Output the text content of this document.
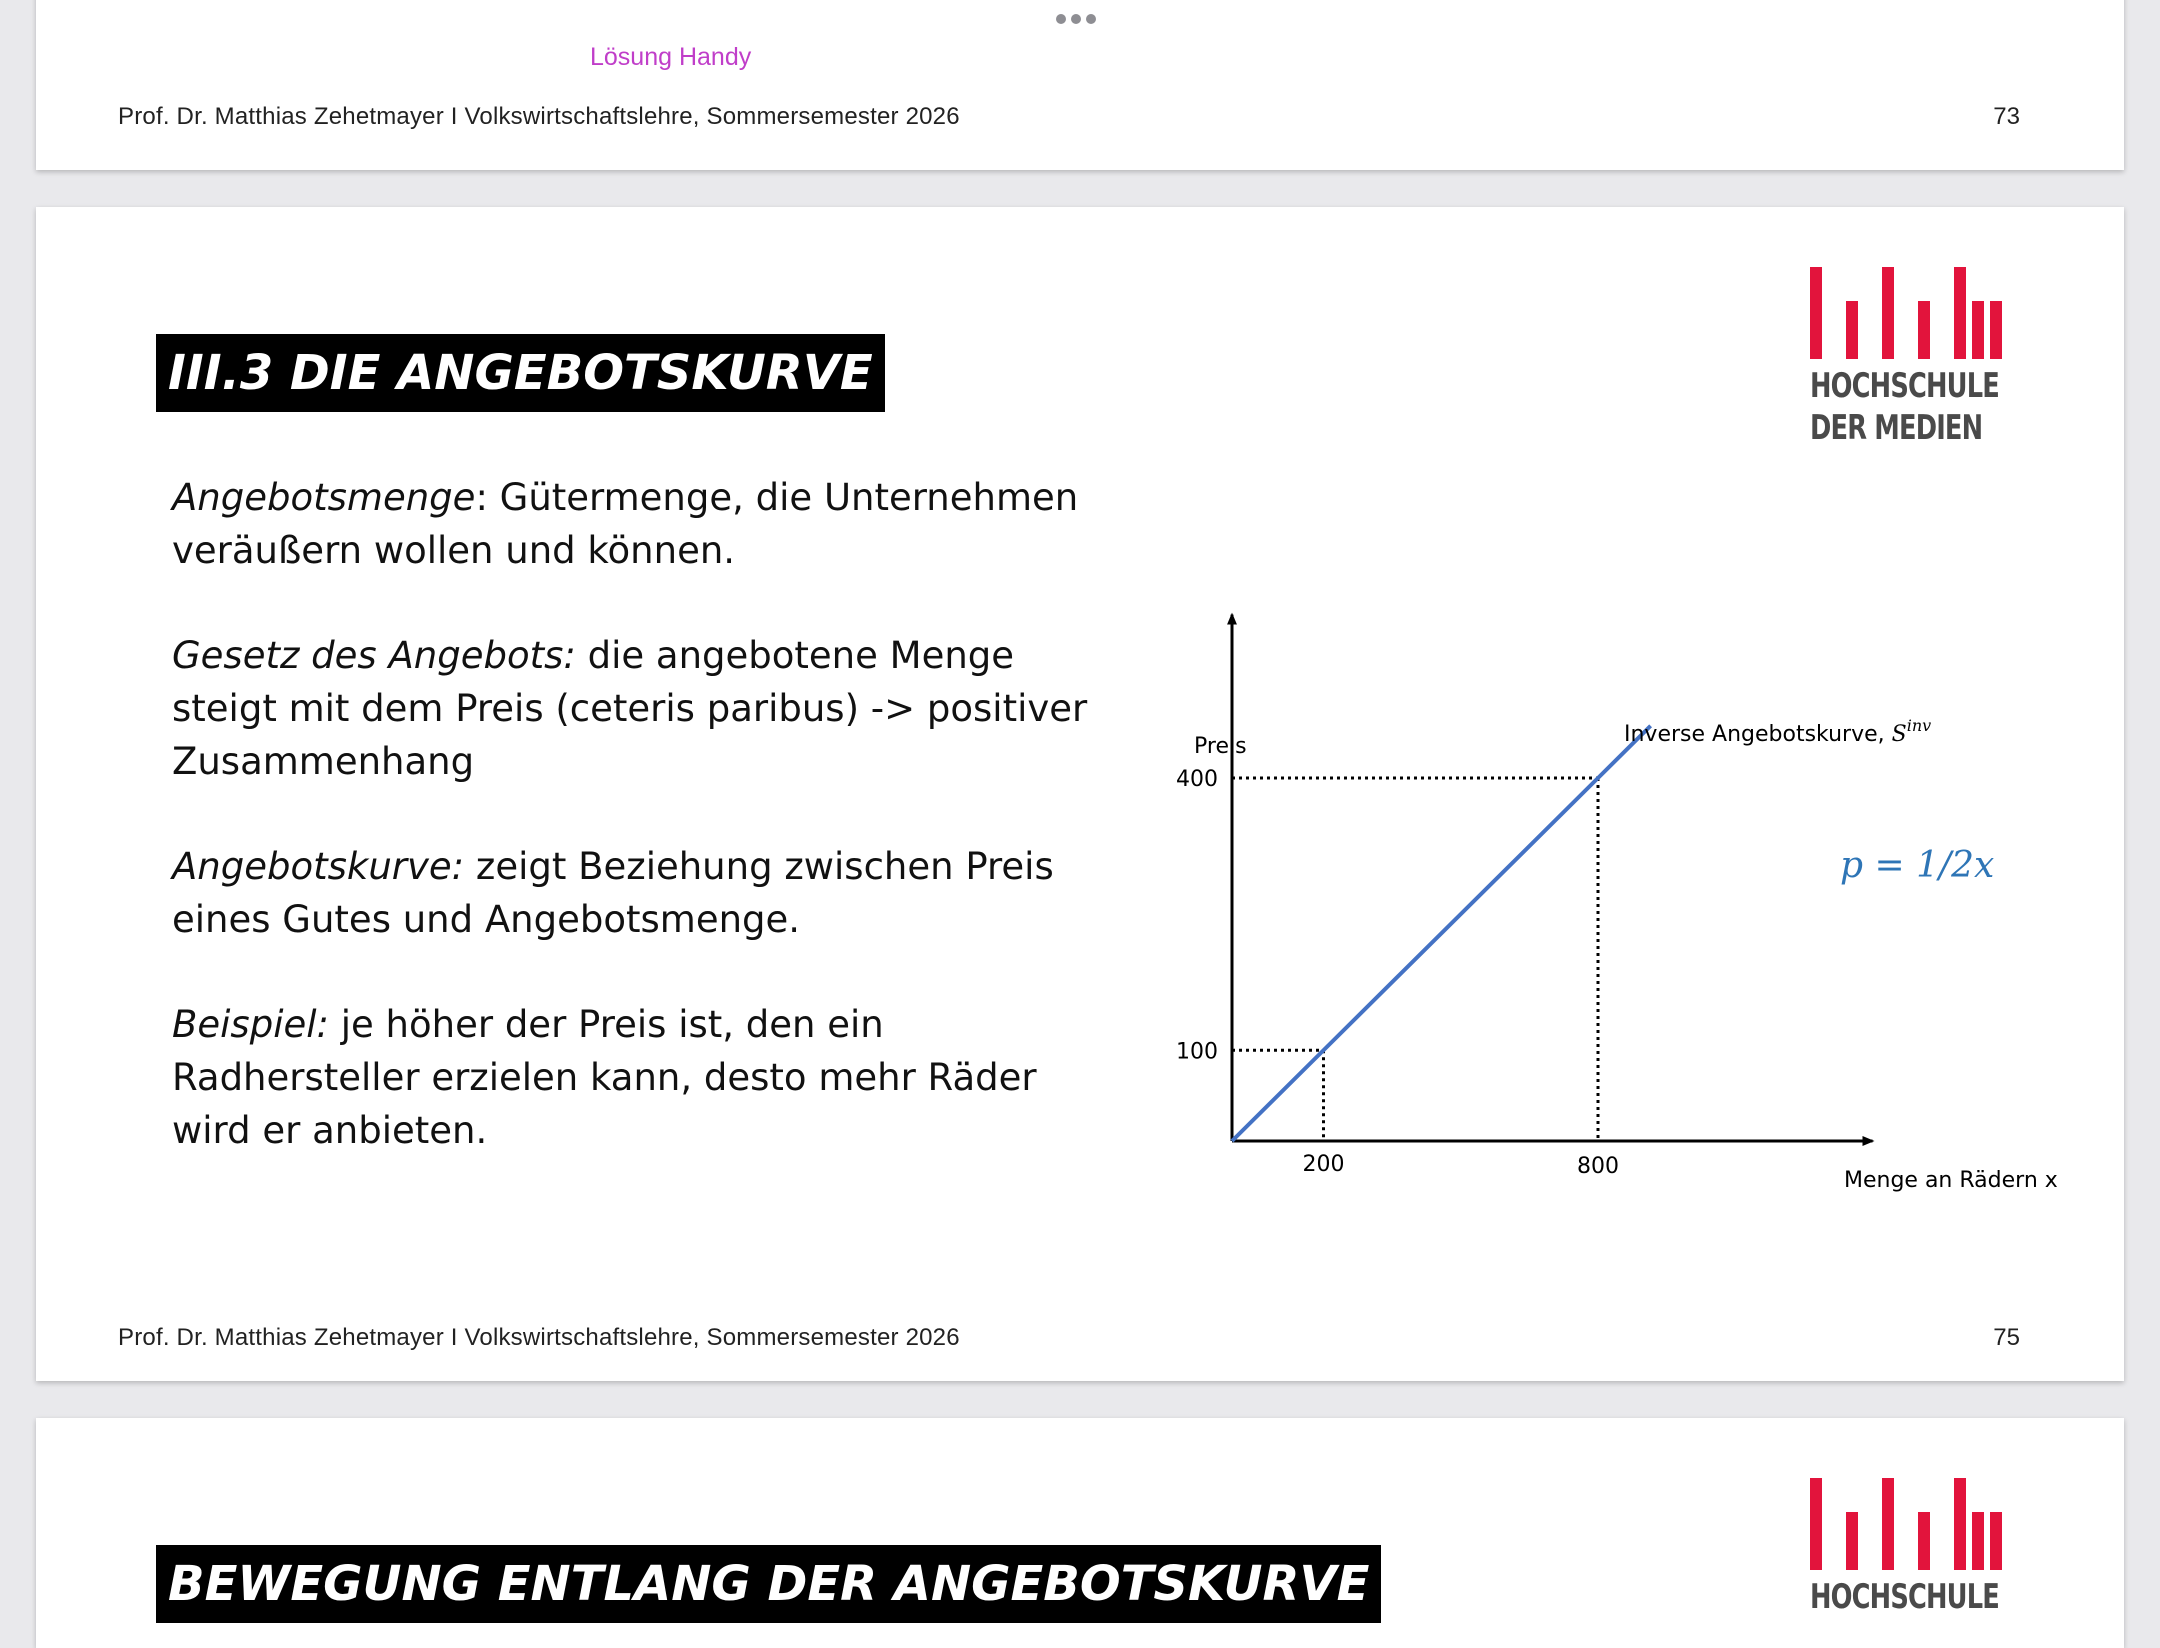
Lösung Handy
Prof. Dr. Matthias Zehetmayer I Volkswirtschaftslehre, Sommersemester 2026	73
III.3 DIE ANGEBOTSKURVE	HOCHSCHULE
DER MEDIEN

Angebotsmenge: Gütermenge, die Unternehmen veräußern wollen und können.

Gesetz des Angebots: die angebotene Menge steigt mit dem Preis (ceteris paribus) -> positiver Zusammenhang

Angebotskurve: zeigt Beziehung zwischen Preis eines Gutes und Angebotsmenge.

Beispiel: je höher der Preis ist, den ein Radhersteller erzielen kann, desto mehr Räder wird er anbieten.

400
100
200	800
Preis
Menge an Rädern x
Inverse Angebotskurve, $S^{inv}$
p = 1/2x
Prof. Dr. Matthias Zehetmayer I Volkswirtschaftslehre, Sommersemester 2026	75
BEWEGUNG ENTLANG DER ANGEBOTSKURVE	HOCHSCHULE
